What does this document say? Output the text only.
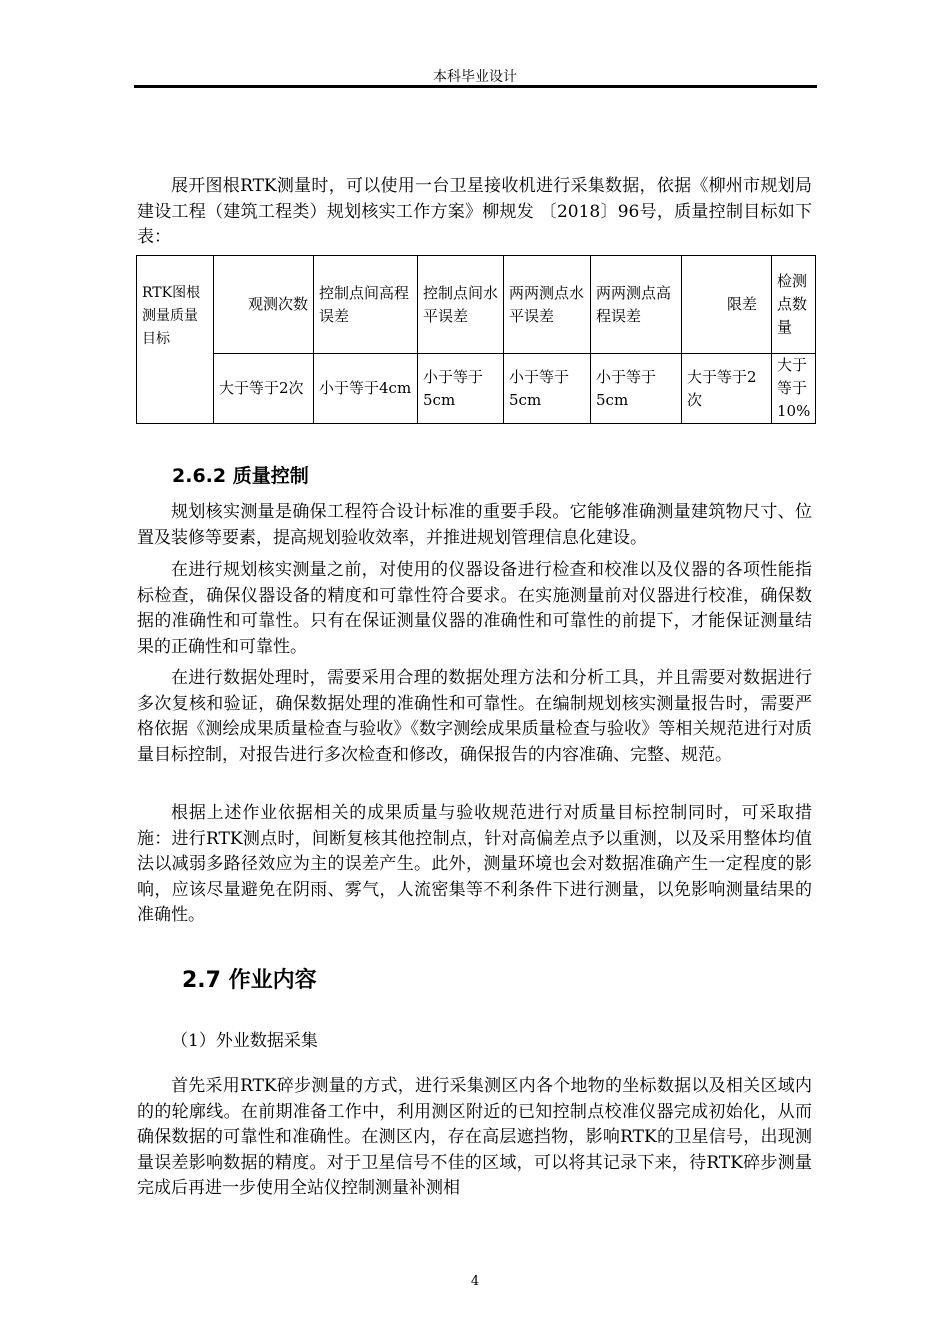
本科毕业设计

展开图根RTK测量时，可以使用一台卫星接收机进行采集数据，依据《柳州市规划局建设工程（建筑工程类）规划核实工作方案》柳规发 〔2018〕96号，质量控制目标如下表：

RTK图根测量质量目标	观测次数	控制点间高程误差	控制点间水平误差	两两测点水平误差	两两测点高程误差	限差	检测点数量
	大于等于2次	小于等于4cm	小于等于5cm	小于等于5cm	小于等于5cm	大于等于2次	大于等于10%
2.6.2 质量控制

规划核实测量是确保工程符合设计标准的重要手段。它能够准确测量建筑物尺寸、位置及装修等要素，提高规划验收效率，并推进规划管理信息化建设。

在进行规划核实测量之前，对使用的仪器设备进行检查和校准以及仪器的各项性能指标检查，确保仪器设备的精度和可靠性符合要求。在实施测量前对仪器进行校准，确保数据的准确性和可靠性。只有在保证测量仪器的准确性和可靠性的前提下，才能保证测量结果的正确性和可靠性。

在进行数据处理时，需要采用合理的数据处理方法和分析工具，并且需要对数据进行多次复核和验证，确保数据处理的准确性和可靠性。在编制规划核实测量报告时，需要严格依据《测绘成果质量检查与验收》《数字测绘成果质量检查与验收》等相关规范进行对质量目标控制，对报告进行多次检查和修改，确保报告的内容准确、完整、规范。

根据上述作业依据相关的成果质量与验收规范进行对质量目标控制同时，可采取措施：进行RTK测点时，间断复核其他控制点，针对高偏差点予以重测，以及采用整体均值法以减弱多路径效应为主的误差产生。此外，测量环境也会对数据准确产生一定程度的影响，应该尽量避免在阴雨、雾气，人流密集等不利条件下进行测量，以免影响测量结果的准确性。

2.7 作业内容

（1）外业数据采集

首先采用RTK碎步测量的方式，进行采集测区内各个地物的坐标数据以及相关区域内的的轮廓线。在前期准备工作中，利用测区附近的已知控制点校准仪器完成初始化，从而确保数据的可靠性和准确性。在测区内，存在高层遮挡物，影响RTK的卫星信号，出现测量误差影响数据的精度。对于卫星信号不佳的区域，可以将其记录下来，待RTK碎步测量完成后再进一步使用全站仪控制测量补测相

4
